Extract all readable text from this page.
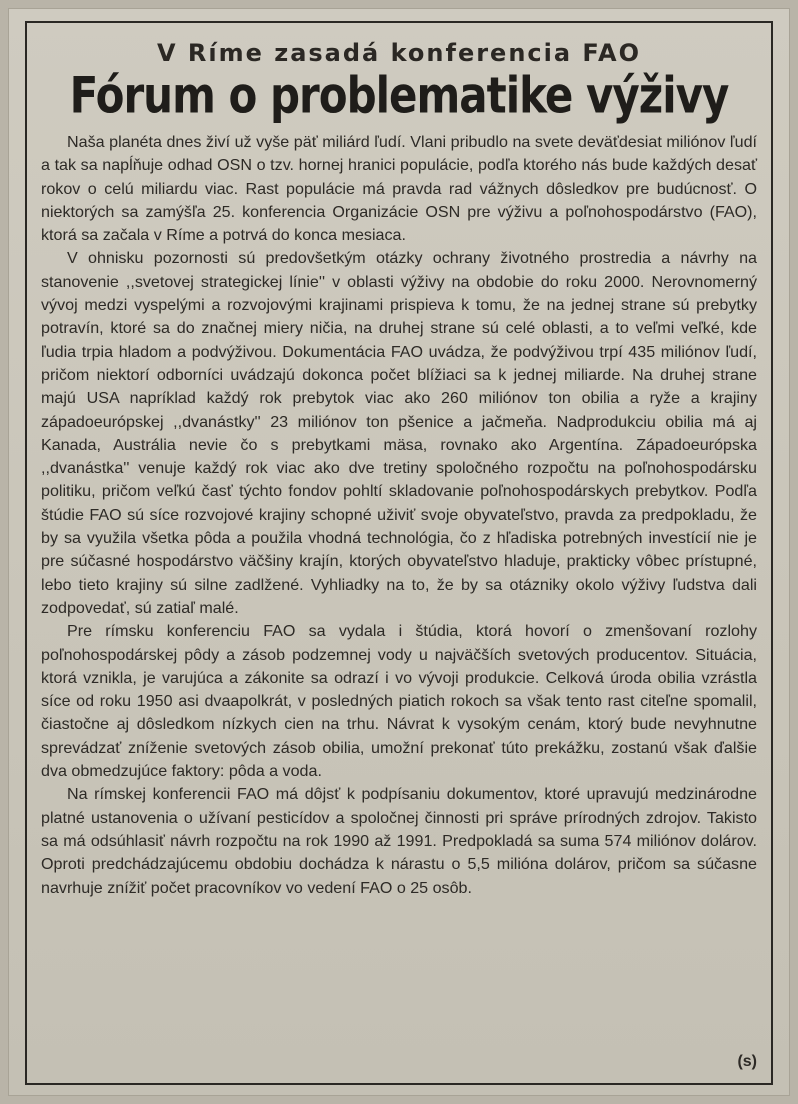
V Ríme zasadá konferencia FAO
Fórum o problematike výživy

Naša planéta dnes živí už vyše päť miliárd ľudí. Vlani pribudlo na svete deväťdesiat miliónov ľudí a tak sa napĺňuje odhad OSN o tzv. hornej hranici populácie, podľa ktorého nás bude každých desať rokov o celú miliardu viac. Rast populácie má pravda rad vážnych dôsledkov pre budúcnosť. O niektorých sa zamýšľa 25. konferencia Organizácie OSN pre výživu a poľnohospodárstvo (FAO), ktorá sa začala v Ríme a potrvá do konca mesiaca.

V ohnisku pozornosti sú predovšetkým otázky ochrany životného prostredia a návrhy na stanovenie ,,svetovej strategickej línie'' v oblasti výživy na obdobie do roku 2000. Nerovnomerný vývoj medzi vyspelými a rozvojovými krajinami prispieva k tomu, že na jednej strane sú prebytky potravín, ktoré sa do značnej miery ničia, na druhej strane sú celé oblasti, a to veľmi veľké, kde ľudia trpia hladom a podvýživou. Dokumentácia FAO uvádza, že podvýživou trpí 435 miliónov ľudí, pričom niektorí odborníci uvádzajú dokonca počet blížiaci sa k jednej miliarde. Na druhej strane majú USA napríklad každý rok prebytok viac ako 260 miliónov ton obilia a ryže a krajiny západoeurópskej ,,dvanástky'' 23 miliónov ton pšenice a jačmeňa. Nadprodukciu obilia má aj Kanada, Austrália nevie čo s prebytkami mäsa, rovnako ako Argentína. Západoeurópska ,,dvanástka'' venuje každý rok viac ako dve tretiny spoločného rozpočtu na poľnohospodársku politiku, pričom veľkú časť týchto fondov pohltí skladovanie poľnohospodárskych prebytkov. Podľa štúdie FAO sú síce rozvojové krajiny schopné uživiť svoje obyvateľstvo, pravda za predpokladu, že by sa využila všetka pôda a použila vhodná technológia, čo z hľadiska potrebných investícií nie je pre súčasné hospodárstvo väčšiny krajín, ktorých obyvateľstvo hladuje, prakticky vôbec prístupné, lebo tieto krajiny sú silne zadlžené. Vyhliadky na to, že by sa otázniky okolo výživy ľudstva dali zodpovedať, sú zatiaľ malé.

Pre rímsku konferenciu FAO sa vydala i štúdia, ktorá hovorí o zmenšovaní rozlohy poľnohospodárskej pôdy a zásob podzemnej vody u najväčších svetových producentov. Situácia, ktorá vznikla, je varujúca a zákonite sa odrazí i vo vývoji produkcie. Celková úroda obilia vzrástla síce od roku 1950 asi dvaapolkrát, v posledných piatich rokoch sa však tento rast citeľne spomalil, čiastočne aj dôsledkom nízkych cien na trhu. Návrat k vysokým cenám, ktorý bude nevyhnutne sprevádzať zníženie svetových zásob obilia, umožní prekonať túto prekážku, zostanú však ďalšie dva obmedzujúce faktory: pôda a voda.

Na rímskej konferencii FAO má dôjsť k podpísaniu dokumentov, ktoré upravujú medzinárodne platné ustanovenia o užívaní pesticídov a spoločnej činnosti pri správe prírodných zdrojov. Takisto sa má odsúhlasiť návrh rozpočtu na rok 1990 až 1991. Predpokladá sa suma 574 miliónov dolárov. Oproti predchádzajúcemu obdobiu dochádza k nárastu o 5,5 milióna dolárov, pričom sa súčasne navrhuje znížiť počet pracovníkov vo vedení FAO o 25 osôb.

(s)
